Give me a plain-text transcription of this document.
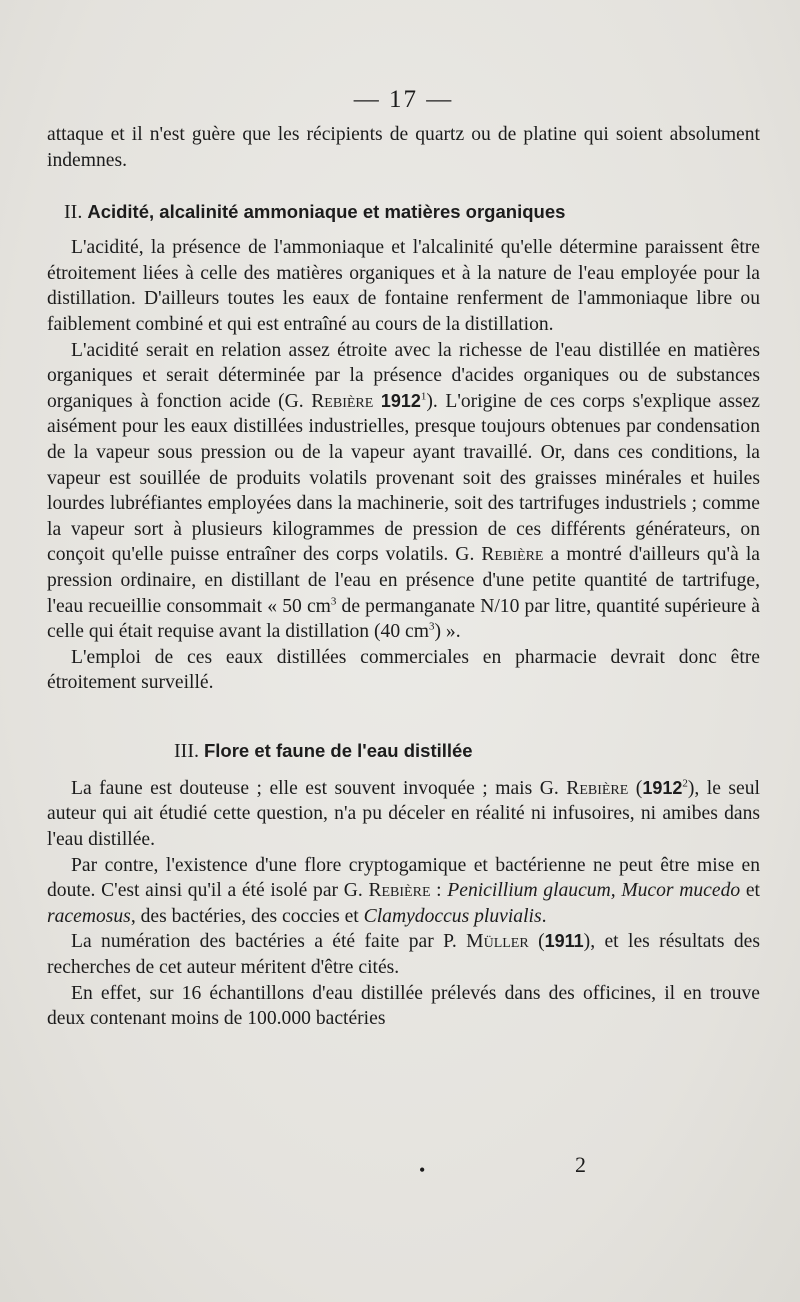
— 17 —

attaque et il n'est guère que les récipients de quartz ou de platine qui soient absolument indemnes.

II. Acidité, alcalinité ammoniaque et matières organiques

L'acidité, la présence de l'ammoniaque et l'alcalinité qu'elle détermine paraissent être étroitement liées à celle des matières organiques et à la nature de l'eau employée pour la distillation. D'ailleurs toutes les eaux de fontaine renferment de l'ammoniaque libre ou faiblement combiné et qui est entraîné au cours de la distillation.

L'acidité serait en relation assez étroite avec la richesse de l'eau distillée en matières organiques et serait déterminée par la présence d'acides organiques ou de substances organiques à fonction acide (G. Rebière 1912$^1$). L'origine de ces corps s'explique assez aisément pour les eaux distillées industrielles, presque toujours obtenues par condensation de la vapeur sous pression ou de la vapeur ayant travaillé. Or, dans ces conditions, la vapeur est souillée de produits volatils provenant soit des graisses minérales et huiles lourdes lubréfiantes employées dans la machinerie, soit des tartrifuges industriels ; comme la vapeur sort à plusieurs kilogrammes de pression de ces différents générateurs, on conçoit qu'elle puisse entraîner des corps volatils. G. Rebière a montré d'ailleurs qu'à la pression ordinaire, en distillant de l'eau en présence d'une petite quantité de tartrifuge, l'eau recueillie consommait « 50 $cm^3$ de permanganate N/10 par litre, quantité supérieure à celle qui était requise avant la distillation (40 $cm^3$) ».

L'emploi de ces eaux distillées commerciales en pharmacie devrait donc être étroitement surveillé.

III. Flore et faune de l'eau distillée

La faune est douteuse ; elle est souvent invoquée ; mais G. Rebière (1912$^2$), le seul auteur qui ait étudié cette question, n'a pu déceler en réalité ni infusoires, ni amibes dans l'eau distillée.

Par contre, l'existence d'une flore cryptogamique et bactérienne ne peut être mise en doute. C'est ainsi qu'il a été isolé par G. Rebière : Penicillium glaucum, Mucor mucedo et racemosus, des bactéries, des coccies et Clamydoccus pluvialis.

La numération des bactéries a été faite par P. Müller (1911), et les résultats des recherches de cet auteur méritent d'être cités.

En effet, sur 16 échantillons d'eau distillée prélevés dans des officines, il en trouve deux contenant moins de 100.000 bactéries

•	2
